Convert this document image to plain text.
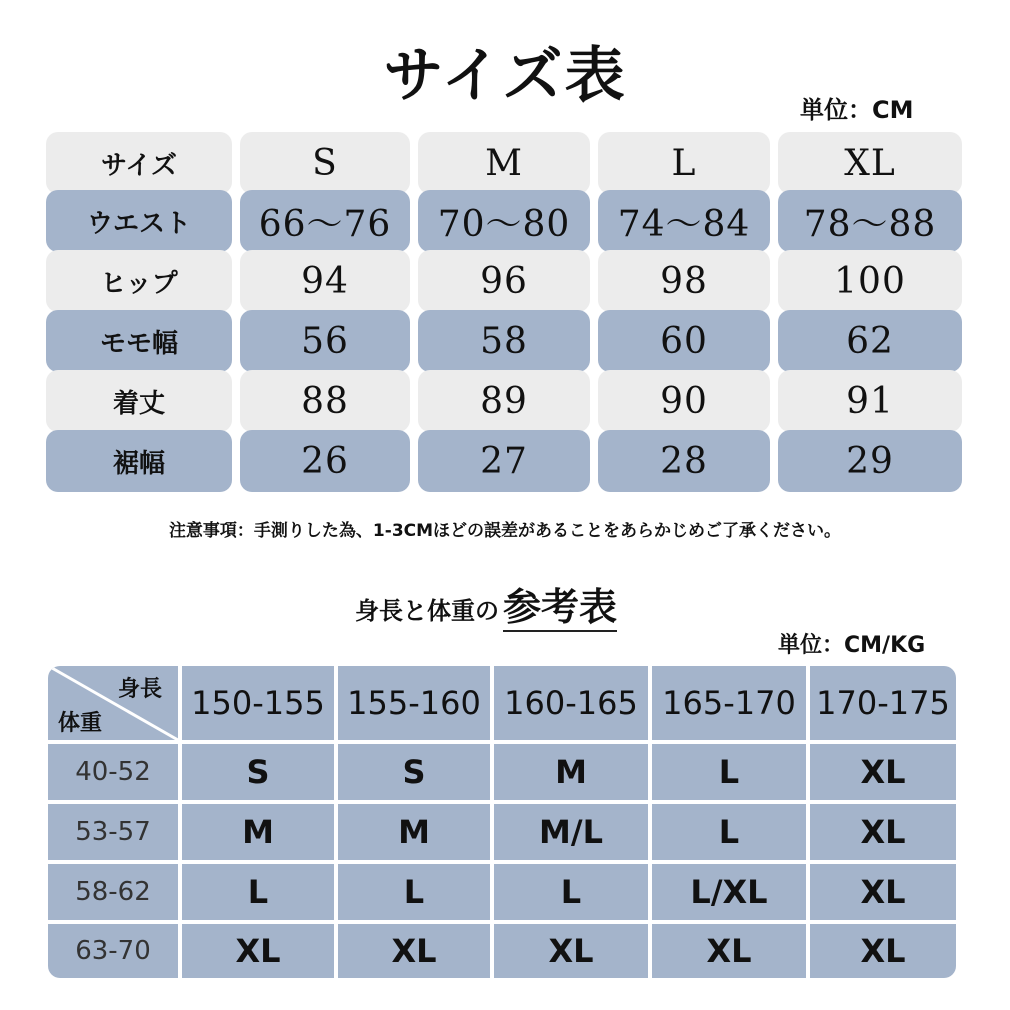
サイズ表	単位：CM
サイズ	S	M	L	XL
ウエスト	66～76	70～80	74～84	78～88
ヒップ	94	96	98	100
モモ幅	56	58	60	62
着丈	88	89	90	91
裾幅	26	27	28	29
注意事項：手測りした為、1-3CMほどの誤差があることをあらかじめご了承ください。
身長と体重の 参考表
単位：CM/KG
身長
体重
150-155 155-160 160-165 165-170 170-175
40-52	S	S	M	L	XL
53-57	M	M	M/L	L	XL
58-62	L	L	L	L/XL	XL
63-70	XL	XL	XL	XL	XL
